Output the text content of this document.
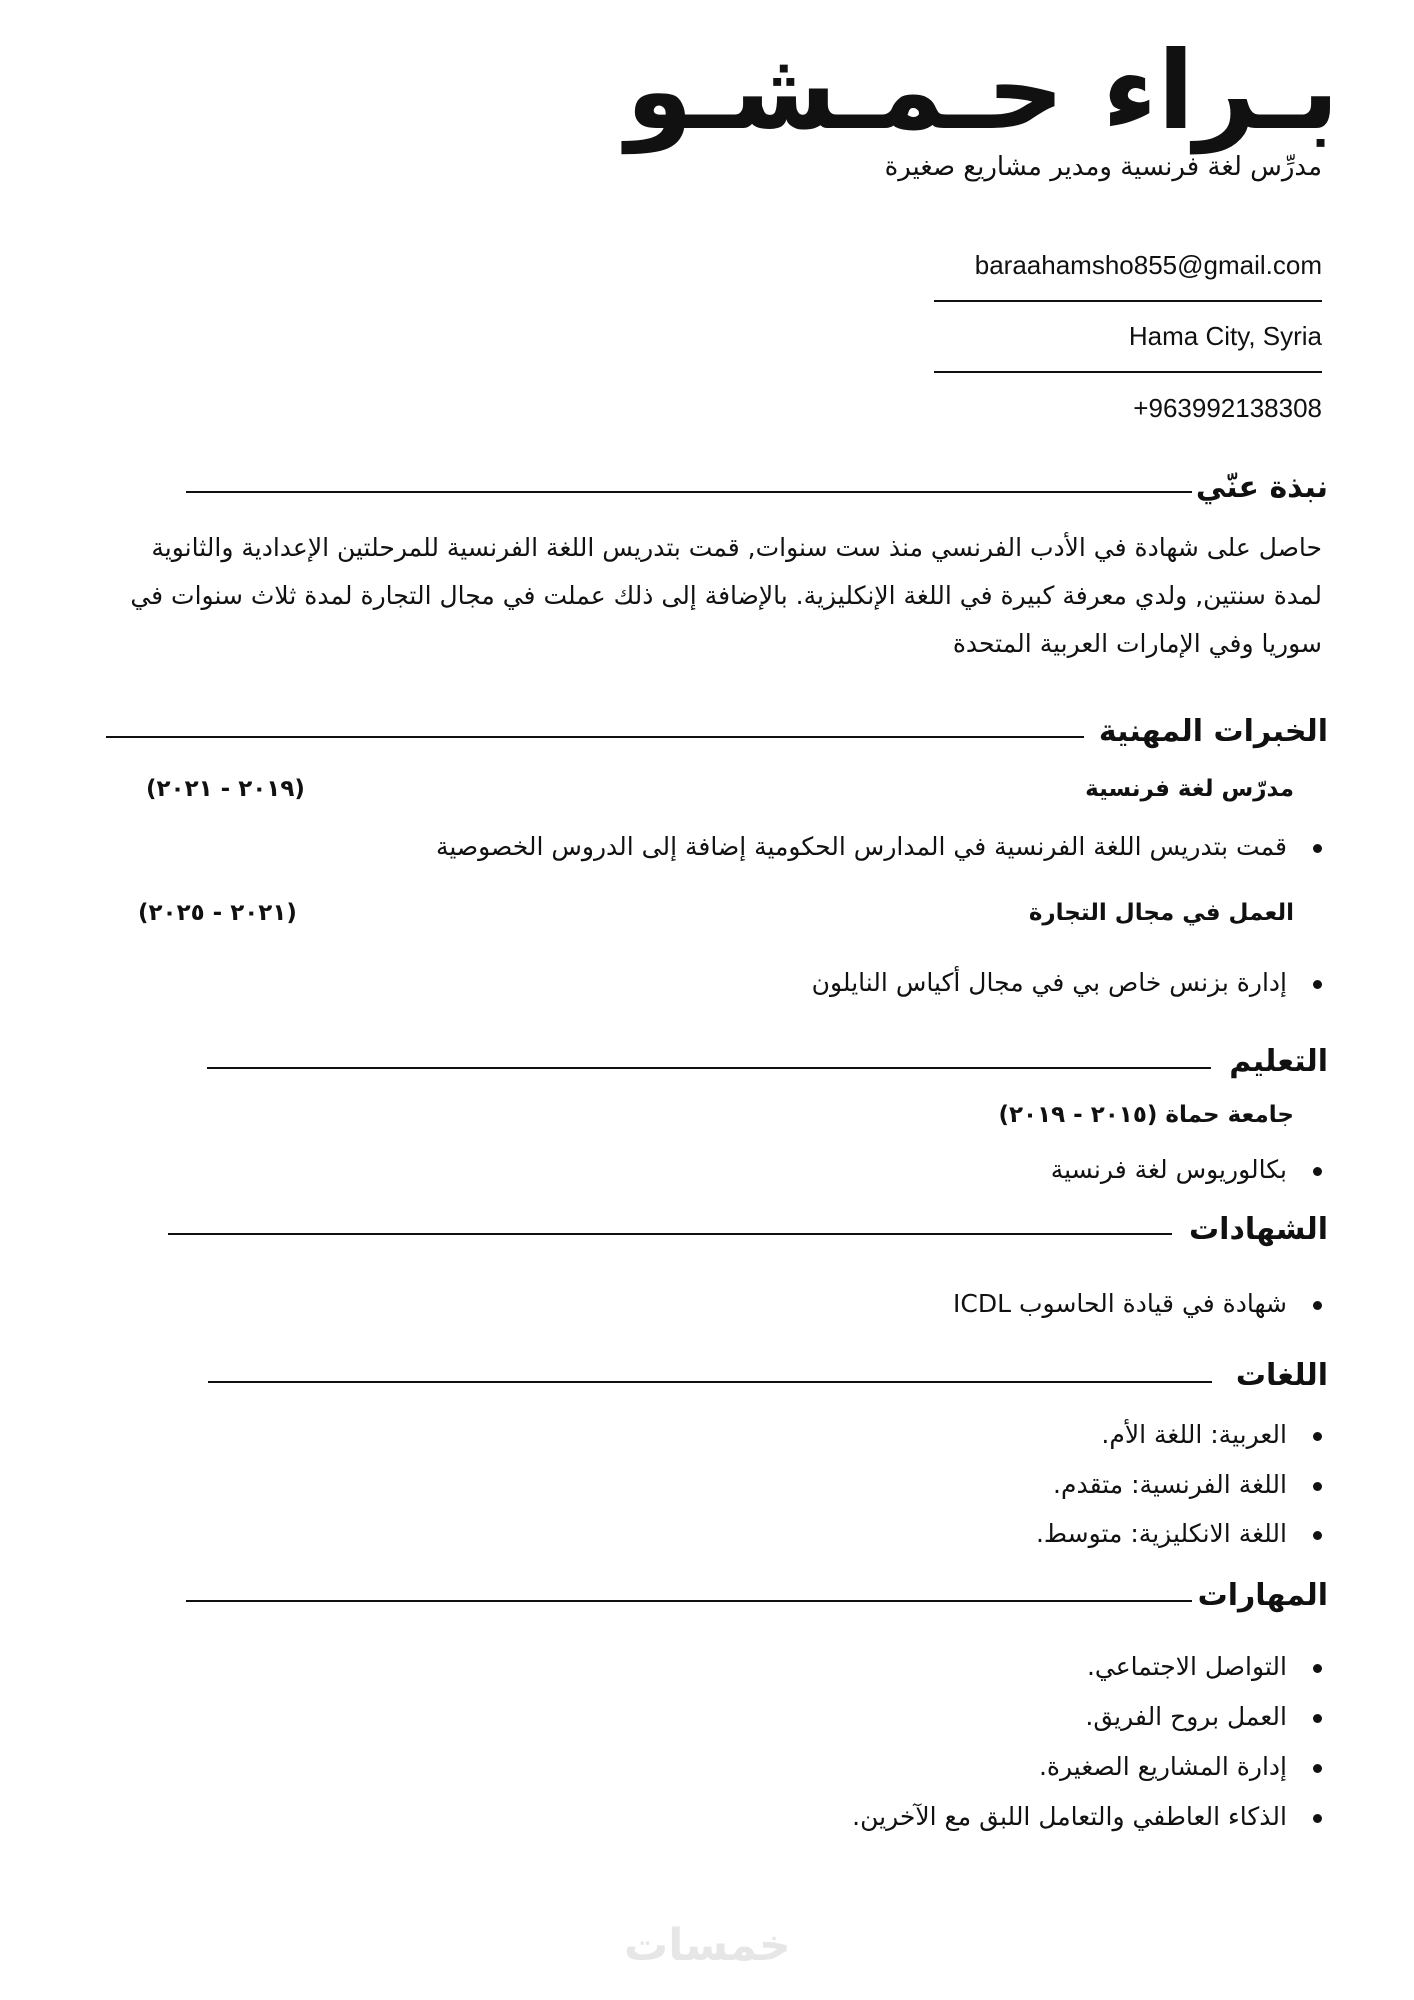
بـراء حـمـشـو
مدرِّس لغة فرنسية ومدير مشاريع صغيرة
baraahamsho855@gmail.com
Hama City, Syria
+963992138308
نبذة عنّي
حاصل على شهادة في الأدب الفرنسي منذ ست سنوات, قمت بتدريس اللغة الفرنسية للمرحلتين الإعدادية والثانوية
لمدة سنتين, ولدي معرفة كبيرة في اللغة الإنكليزية. بالإضافة إلى ذلك عملت في مجال التجارة لمدة ثلاث سنوات في
سوريا وفي الإمارات العربية المتحدة
الخبرات المهنية
مدرّس لغة فرنسية
(٢٠١٩ - ٢٠٢١)
قمت بتدريس اللغة الفرنسية في المدارس الحكومية إضافة إلى الدروس الخصوصية
العمل في مجال التجارة
(٢٠٢١ - ٢٠٢٥)
إدارة بزنس خاص بي في مجال أكياس النايلون
التعليم
جامعة حماة (٢٠١٥ - ٢٠١٩)
بكالوريوس لغة فرنسية
الشهادات
شهادة في قيادة الحاسوب ICDL
اللغات
العربية: اللغة الأم.
اللغة الفرنسية: متقدم.
اللغة الانكليزية: متوسط.
المهارات
التواصل الاجتماعي.
العمل بروح الفريق.
إدارة المشاريع الصغيرة.
الذكاء العاطفي والتعامل اللبق مع الآخرين.
خمسات
